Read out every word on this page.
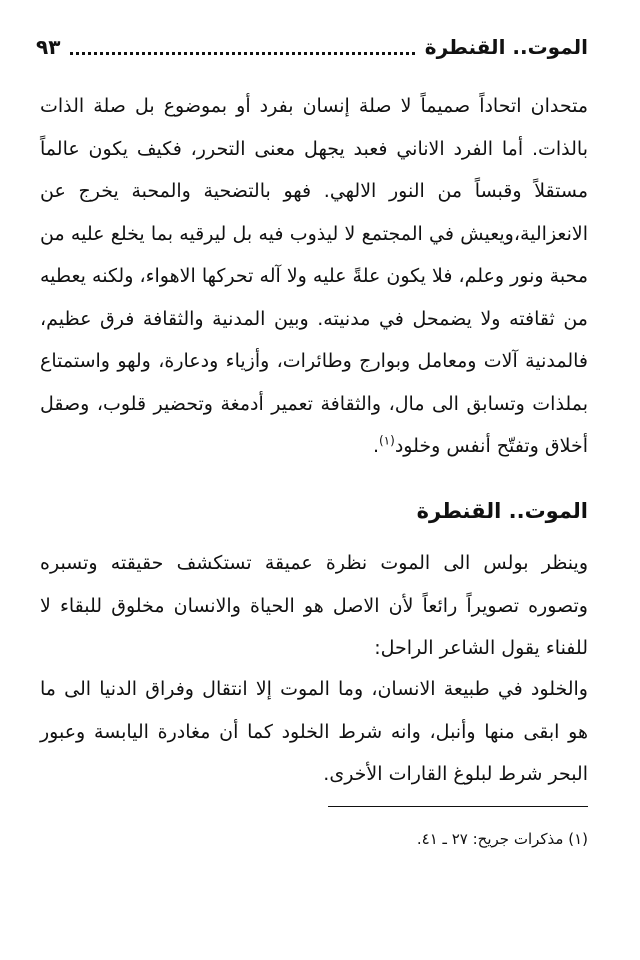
الموت.. القنطرة
٩٣

متحدان اتحاداً صميماً لا صلة إنسان بفرد أو بموضوع بل صلة الذات بالذات. أما الفرد الاناني فعبد يجهل معنى التحرر، فكيف يكون عالماً مستقلاً وقبساً من النور الالهي. فهو بالتضحية والمحبة يخرج عن الانعزالية،ويعيش في المجتمع لا ليذوب فيه بل ليرقيه بما يخلع عليه من محبة ونور وعلم، فلا يكون علةً عليه ولا آله تحركها الاهواء، ولكنه يعطيه من ثقافته ولا يضمحل في مدنيته. وبين المدنية والثقافة فرق عظيم، فالمدنية آلات ومعامل وبوارج وطائرات، وأزياء ودعارة، ولهو واستمتاع بملذات وتسابق الى مال، والثقافة تعمير أدمغة وتحضير قلوب، وصقل أخلاق وتفتّح أنفس وخلود$^{(١)}$.

الموت.. القنطرة

وينظر بولس الى الموت نظرة عميقة تستكشف حقيقته وتسبره وتصوره تصويراً رائعاً لأن الاصل هو الحياة والانسان مخلوق للبقاء لا للفناء يقول الشاعر الراحل:

والخلود في طبيعة الانسان، وما الموت إلا انتقال وفراق الدنيا الى ما هو ابقى منها وأنبل، وانه شرط الخلود كما أن مغادرة اليابسة وعبور البحر شرط لبلوغ القارات الأخرى.

(١) مذكرات جريح: ٢٧ ـ ٤١.
